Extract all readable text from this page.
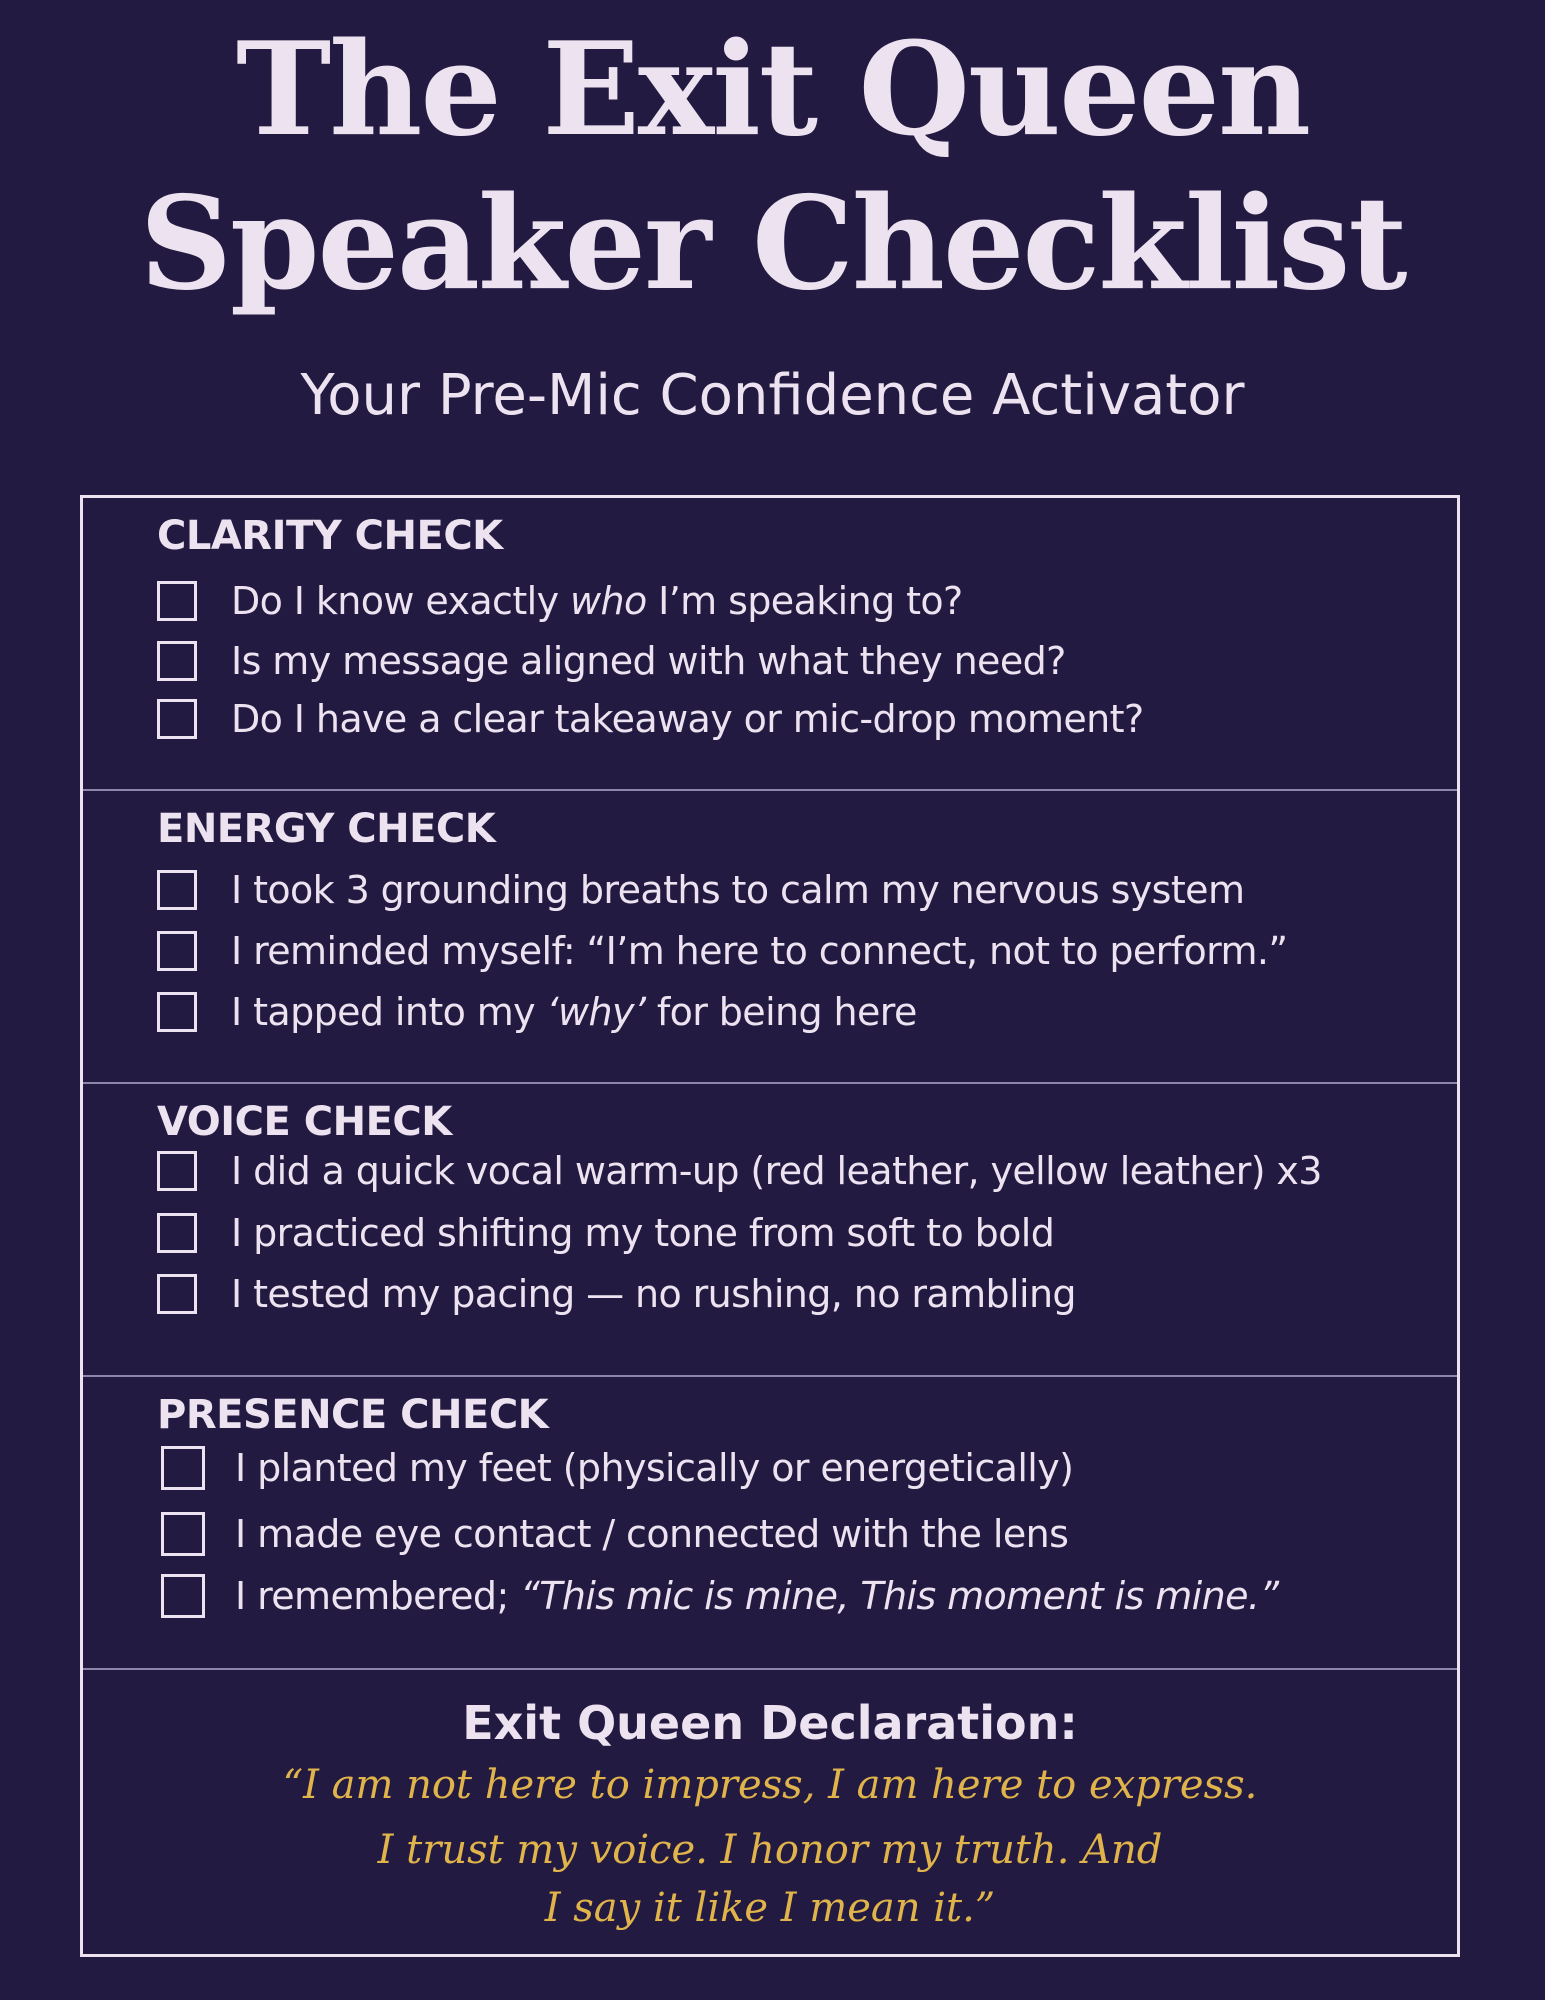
The Exit Queen
Speaker Checklist

Your Pre-Mic Confidence Activator

CLARITY CHECK
Do I know exactly who I’m speaking to?
Is my message aligned with what they need?
Do I have a clear takeaway or mic-drop moment?
ENERGY CHECK
I took 3 grounding breaths to calm my nervous system
I reminded myself: “I’m here to connect, not to perform.”
I tapped into my ‘why’ for being here
VOICE CHECK
I did a quick vocal warm-up (red leather, yellow leather) x3
I practiced shifting my tone from soft to bold
I tested my pacing — no rushing, no rambling
PRESENCE CHECK
I planted my feet (physically or energetically)
I made eye contact / connected with the lens
I remembered; “This mic is mine, This moment is mine.”
Exit Queen Declaration:
“I am not here to impress, I am here to express.
I trust my voice. I honor my truth. And
I say it like I mean it.”
